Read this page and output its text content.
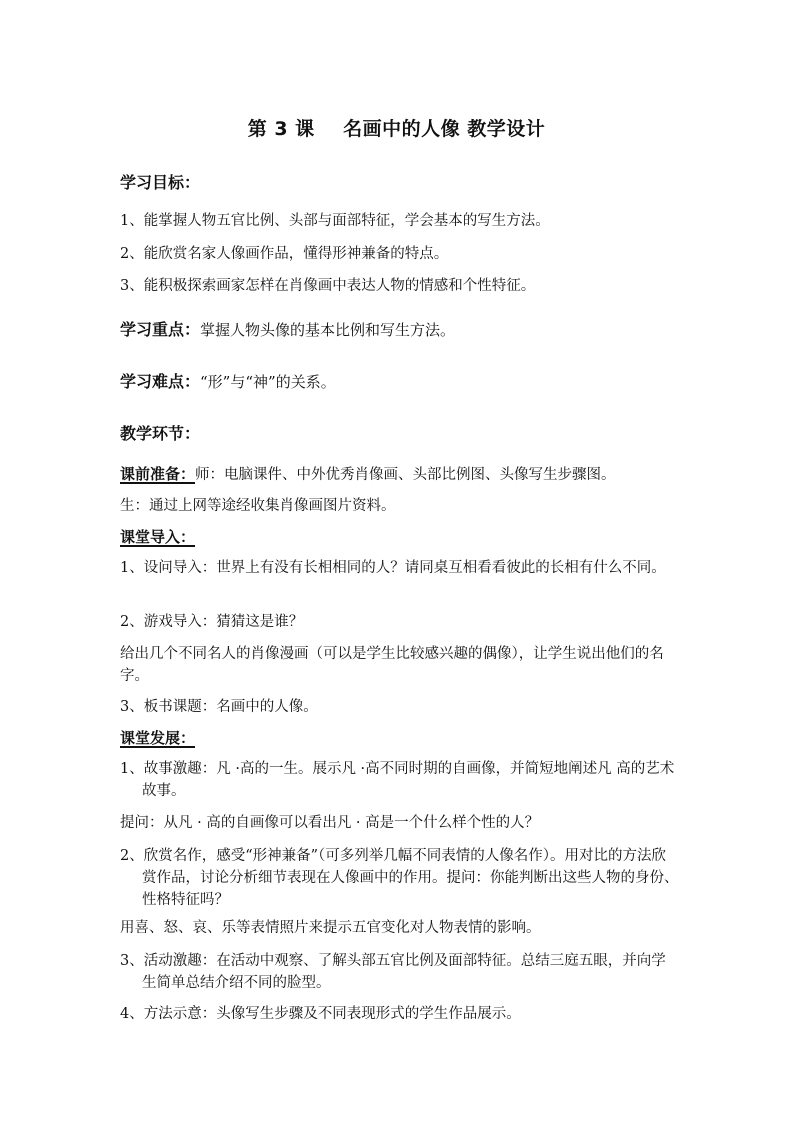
第 3 课    名画中的人像 教学设计
学习目标：
1、能掌握人物五官比例、头部与面部特征，学会基本的写生方法。
2、能欣赏名家人像画作品，懂得形神兼备的特点。
3、能积极探索画家怎样在肖像画中表达人物的情感和个性特征。
学习重点：掌握人物头像的基本比例和写生方法。
学习难点：“形”与“神”的关系。
教学环节：
课前准备：师：电脑课件、中外优秀肖像画、头部比例图、头像写生步骤图。
生：通过上网等途经收集肖像画图片资料。
课堂导入：
1、设问导入：世界上有没有长相相同的人？请同桌互相看看彼此的长相有什么不同。
2、游戏导入：猜猜这是谁？
给出几个不同名人的肖像漫画（可以是学生比较感兴趣的偶像），让学生说出他们的名字。
3、板书课题：名画中的人像。
课堂发展：
1、故事激趣：凡 ·高的一生。展示凡 ·高不同时期的自画像，并简短地阐述凡 高的艺术故事。
提问：从凡 · 高的自画像可以看出凡 · 高是一个什么样个性的人？
2、欣赏名作，感受“形神兼备”（可多列举几幅不同表情的人像名作）。用对比的方法欣赏作品，讨论分析细节表现在人像画中的作用。提问：你能判断出这些人物的身份、性格特征吗？
用喜、怒、哀、乐等表情照片来提示五官变化对人物表情的影响。
3、活动激趣：在活动中观察、了解头部五官比例及面部特征。总结三庭五眼，并向学生简单总结介绍不同的脸型。
4、方法示意：头像写生步骤及不同表现形式的学生作品展示。
